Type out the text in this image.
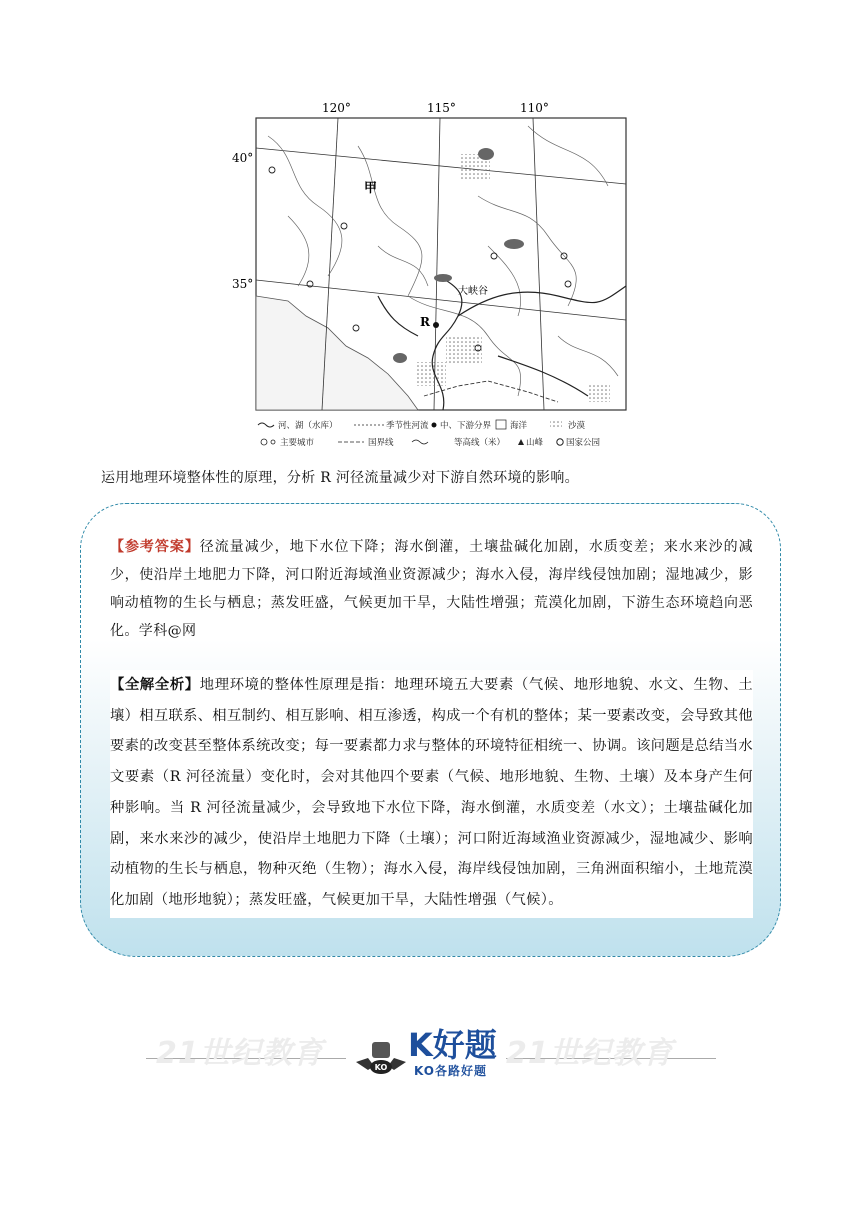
120°	115°	110°
40°
35°
甲
大峡谷
R
河、湖（水库）	季节性河流 中、下游分界 海洋	沙漠
主要城市	国界线	等高线（米） 山峰	国家公园
运用地理环境整体性的原理，分析 R 河径流量减少对下游自然环境的影响。
【参考答案】径流量减少，地下水位下降；海水倒灌，土壤盐碱化加剧，水质变差；来水来沙的减少，使沿岸土地肥力下降，河口附近海域渔业资源减少；海水入侵，海岸线侵蚀加剧；湿地减少，影响动植物的生长与栖息；蒸发旺盛，气候更加干旱，大陆性增强；荒漠化加剧，下游生态环境趋向恶化。学科@网
【全解全析】地理环境的整体性原理是指：地理环境五大要素（气候、地形地貌、水文、生物、土壤）相互联系、相互制约、相互影响、相互渗透，构成一个有机的整体；某一要素改变，会导致其他要素的改变甚至整体系统改变；每一要素都力求与整体的环境特征相统一、协调。该问题是总结当水文要素（R 河径流量）变化时，会对其他四个要素（气候、地形地貌、生物、土壤）及本身产生何种影响。当 R 河径流量减少，会导致地下水位下降，海水倒灌，水质变差（水文）；土壤盐碱化加剧，来水来沙的减少，使沿岸土地肥力下降（土壤）；河口附近海域渔业资源减少，湿地减少、影响动植物的生长与栖息，物种灭绝（生物）；海水入侵，海岸线侵蚀加剧，三角洲面积缩小，土地荒漠化加剧（地形地貌）；蒸发旺盛，气候更加干旱，大陆性增强（气候）。
21世纪教育	21世纪教育
KO
K好题
KO各路好题
